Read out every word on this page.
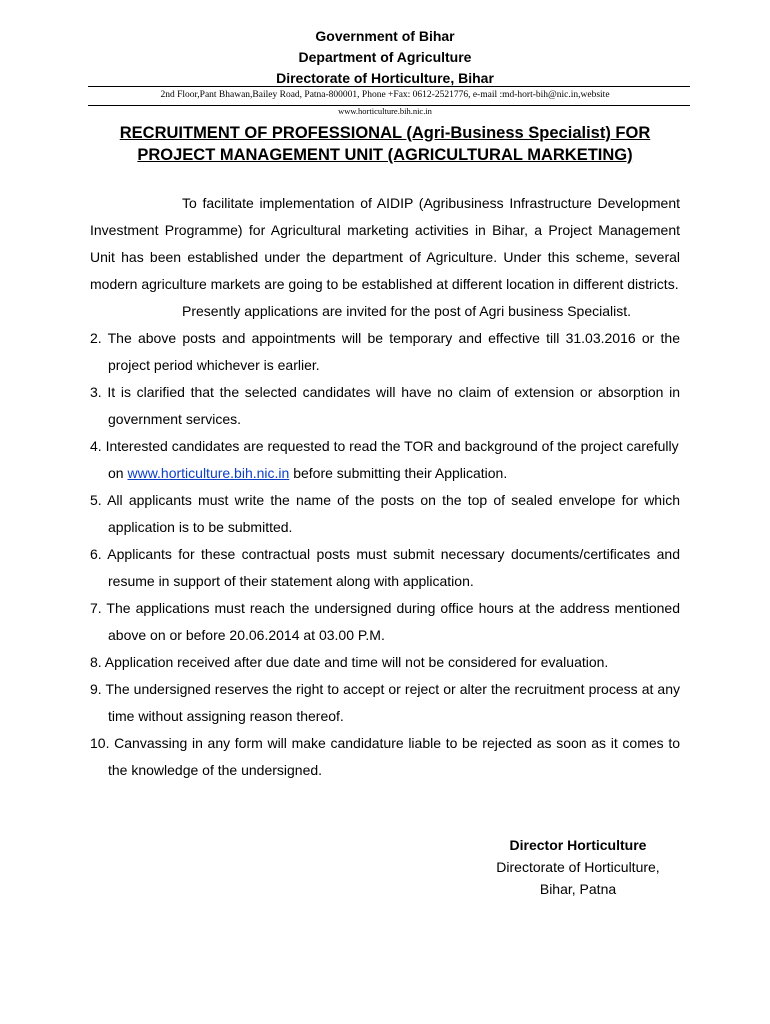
Government of Bihar
Department of Agriculture
Directorate of Horticulture, Bihar
2nd Floor,Pant Bhawan,Bailey Road, Patna-800001, Phone +Fax: 0612-2521776, e-mail :md-hort-bih@nic.in,website
www.horticulture.bih.nic.in
RECRUITMENT OF PROFESSIONAL (Agri-Business Specialist) FOR
PROJECT MANAGEMENT UNIT (AGRICULTURAL MARKETING)

To facilitate implementation of AIDIP (Agribusiness Infrastructure Development Investment Programme) for Agricultural marketing activities in Bihar, a Project Management Unit has been established under the department of Agriculture. Under this scheme, several modern agriculture markets are going to be established at different location in different districts.

Presently applications are invited for the post of Agri business Specialist.

2. The above posts and appointments will be temporary and effective till 31.03.2016 or the project period whichever is earlier.
3. It is clarified that the selected candidates will have no claim of extension or absorption in government services.
4. Interested candidates are requested to read the TOR and background of the project carefully on www.horticulture.bih.nic.in before submitting their Application.
5. All applicants must write the name of the posts on the top of sealed envelope for which application is to be submitted.
6. Applicants for these contractual posts must submit necessary documents/certificates and resume in support of their statement along with application.
7. The applications must reach the undersigned during office hours at the address mentioned above on or before 20.06.2014 at 03.00 P.M.
8. Application received after due date and time will not be considered for evaluation.
9. The undersigned reserves the right to accept or reject or alter the recruitment process at any time without assigning reason thereof.
10. Canvassing in any form will make candidature liable to be rejected as soon as it comes to the knowledge of the undersigned.
Director Horticulture
Directorate of Horticulture,
Bihar, Patna
